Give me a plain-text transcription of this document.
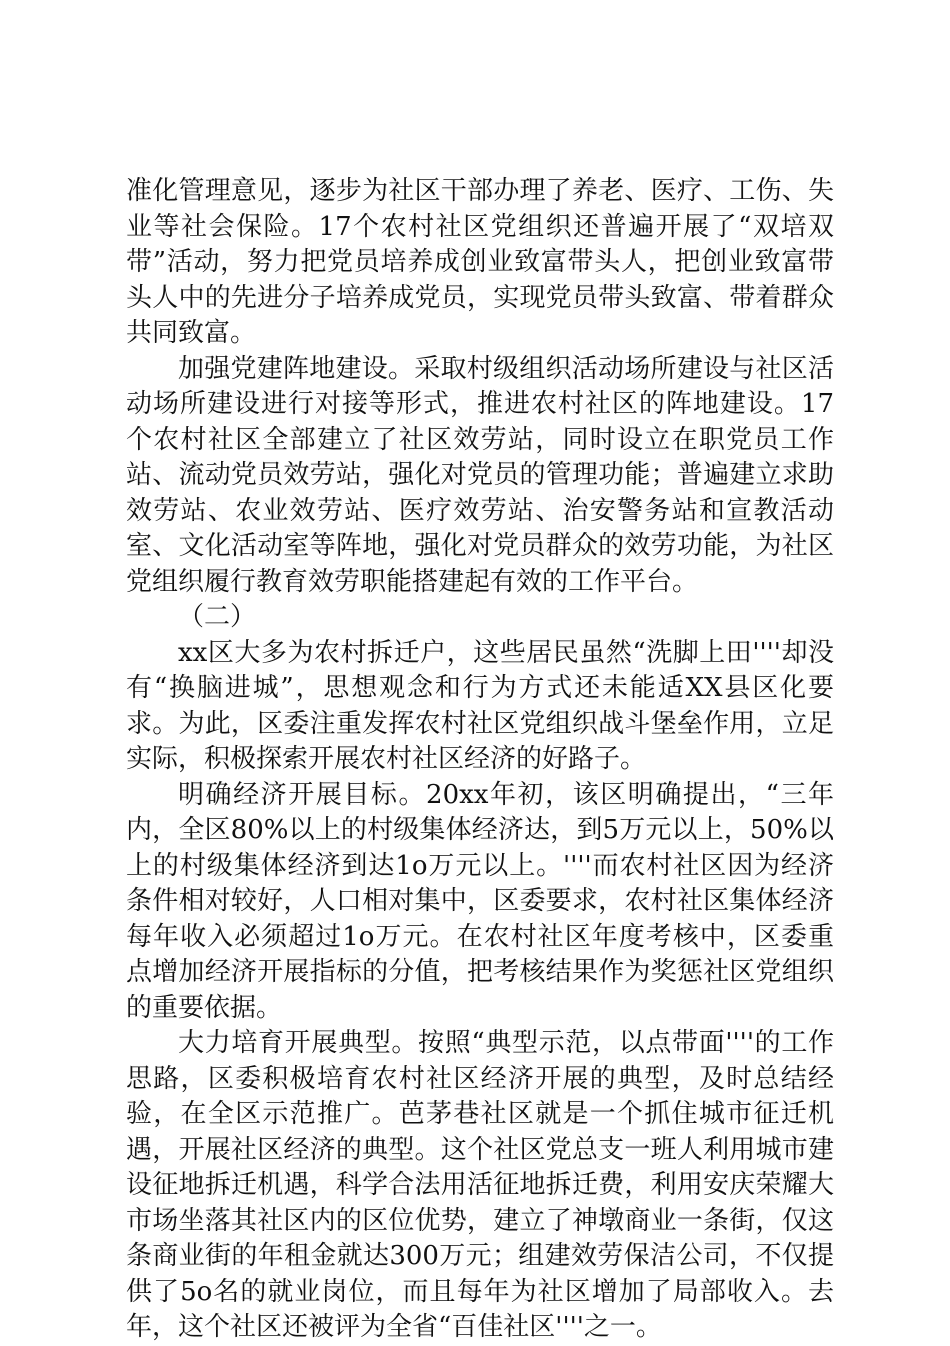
准化管理意见，逐步为社区干部办理了养老、医疗、工伤、失业等社会保险。17个农村社区党组织还普遍开展了“双培双带”活动，努力把党员培养成创业致富带头人，把创业致富带头人中的先进分子培养成党员，实现党员带头致富、带着群众共同致富。

加强党建阵地建设。采取村级组织活动场所建设与社区活动场所建设进行对接等形式，推进农村社区的阵地建设。17个农村社区全部建立了社区效劳站，同时设立在职党员工作站、流动党员效劳站，强化对党员的管理功能；普遍建立求助效劳站、农业效劳站、医疗效劳站、治安警务站和宣教活动室、文化活动室等阵地，强化对党员群众的效劳功能，为社区党组织履行教育效劳职能搭建起有效的工作平台。

（二）

xx区大多为农村拆迁户，这些居民虽然“洗脚上田''''却没有“换脑进城”，思想观念和行为方式还未能适XX县区化要求。为此，区委注重发挥农村社区党组织战斗堡垒作用，立足实际，积极探索开展农村社区经济的好路子。

明确经济开展目标。20xx年初，该区明确提出，“三年内，全区80%以上的村级集体经济达，到5万元以上，50%以上的村级集体经济到达1o万元以上。''''而农村社区因为经济条件相对较好，人口相对集中，区委要求，农村社区集体经济每年收入必须超过1o万元。在农村社区年度考核中，区委重点增加经济开展指标的分值，把考核结果作为奖惩社区党组织的重要依据。

大力培育开展典型。按照“典型示范，以点带面''''的工作思路，区委积极培育农村社区经济开展的典型，及时总结经验，在全区示范推广。芭茅巷社区就是一个抓住城市征迁机遇，开展社区经济的典型。这个社区党总支一班人利用城市建设征地拆迁机遇，科学合法用活征地拆迁费，利用安庆荣耀大市场坐落其社区内的区位优势，建立了神墩商业一条街，仅这条商业街的年租金就达300万元；组建效劳保洁公司，不仅提供了5o名的就业岗位，而且每年为社区增加了局部收入。去年，这个社区还被评为全省“百佳社区''''之一。
